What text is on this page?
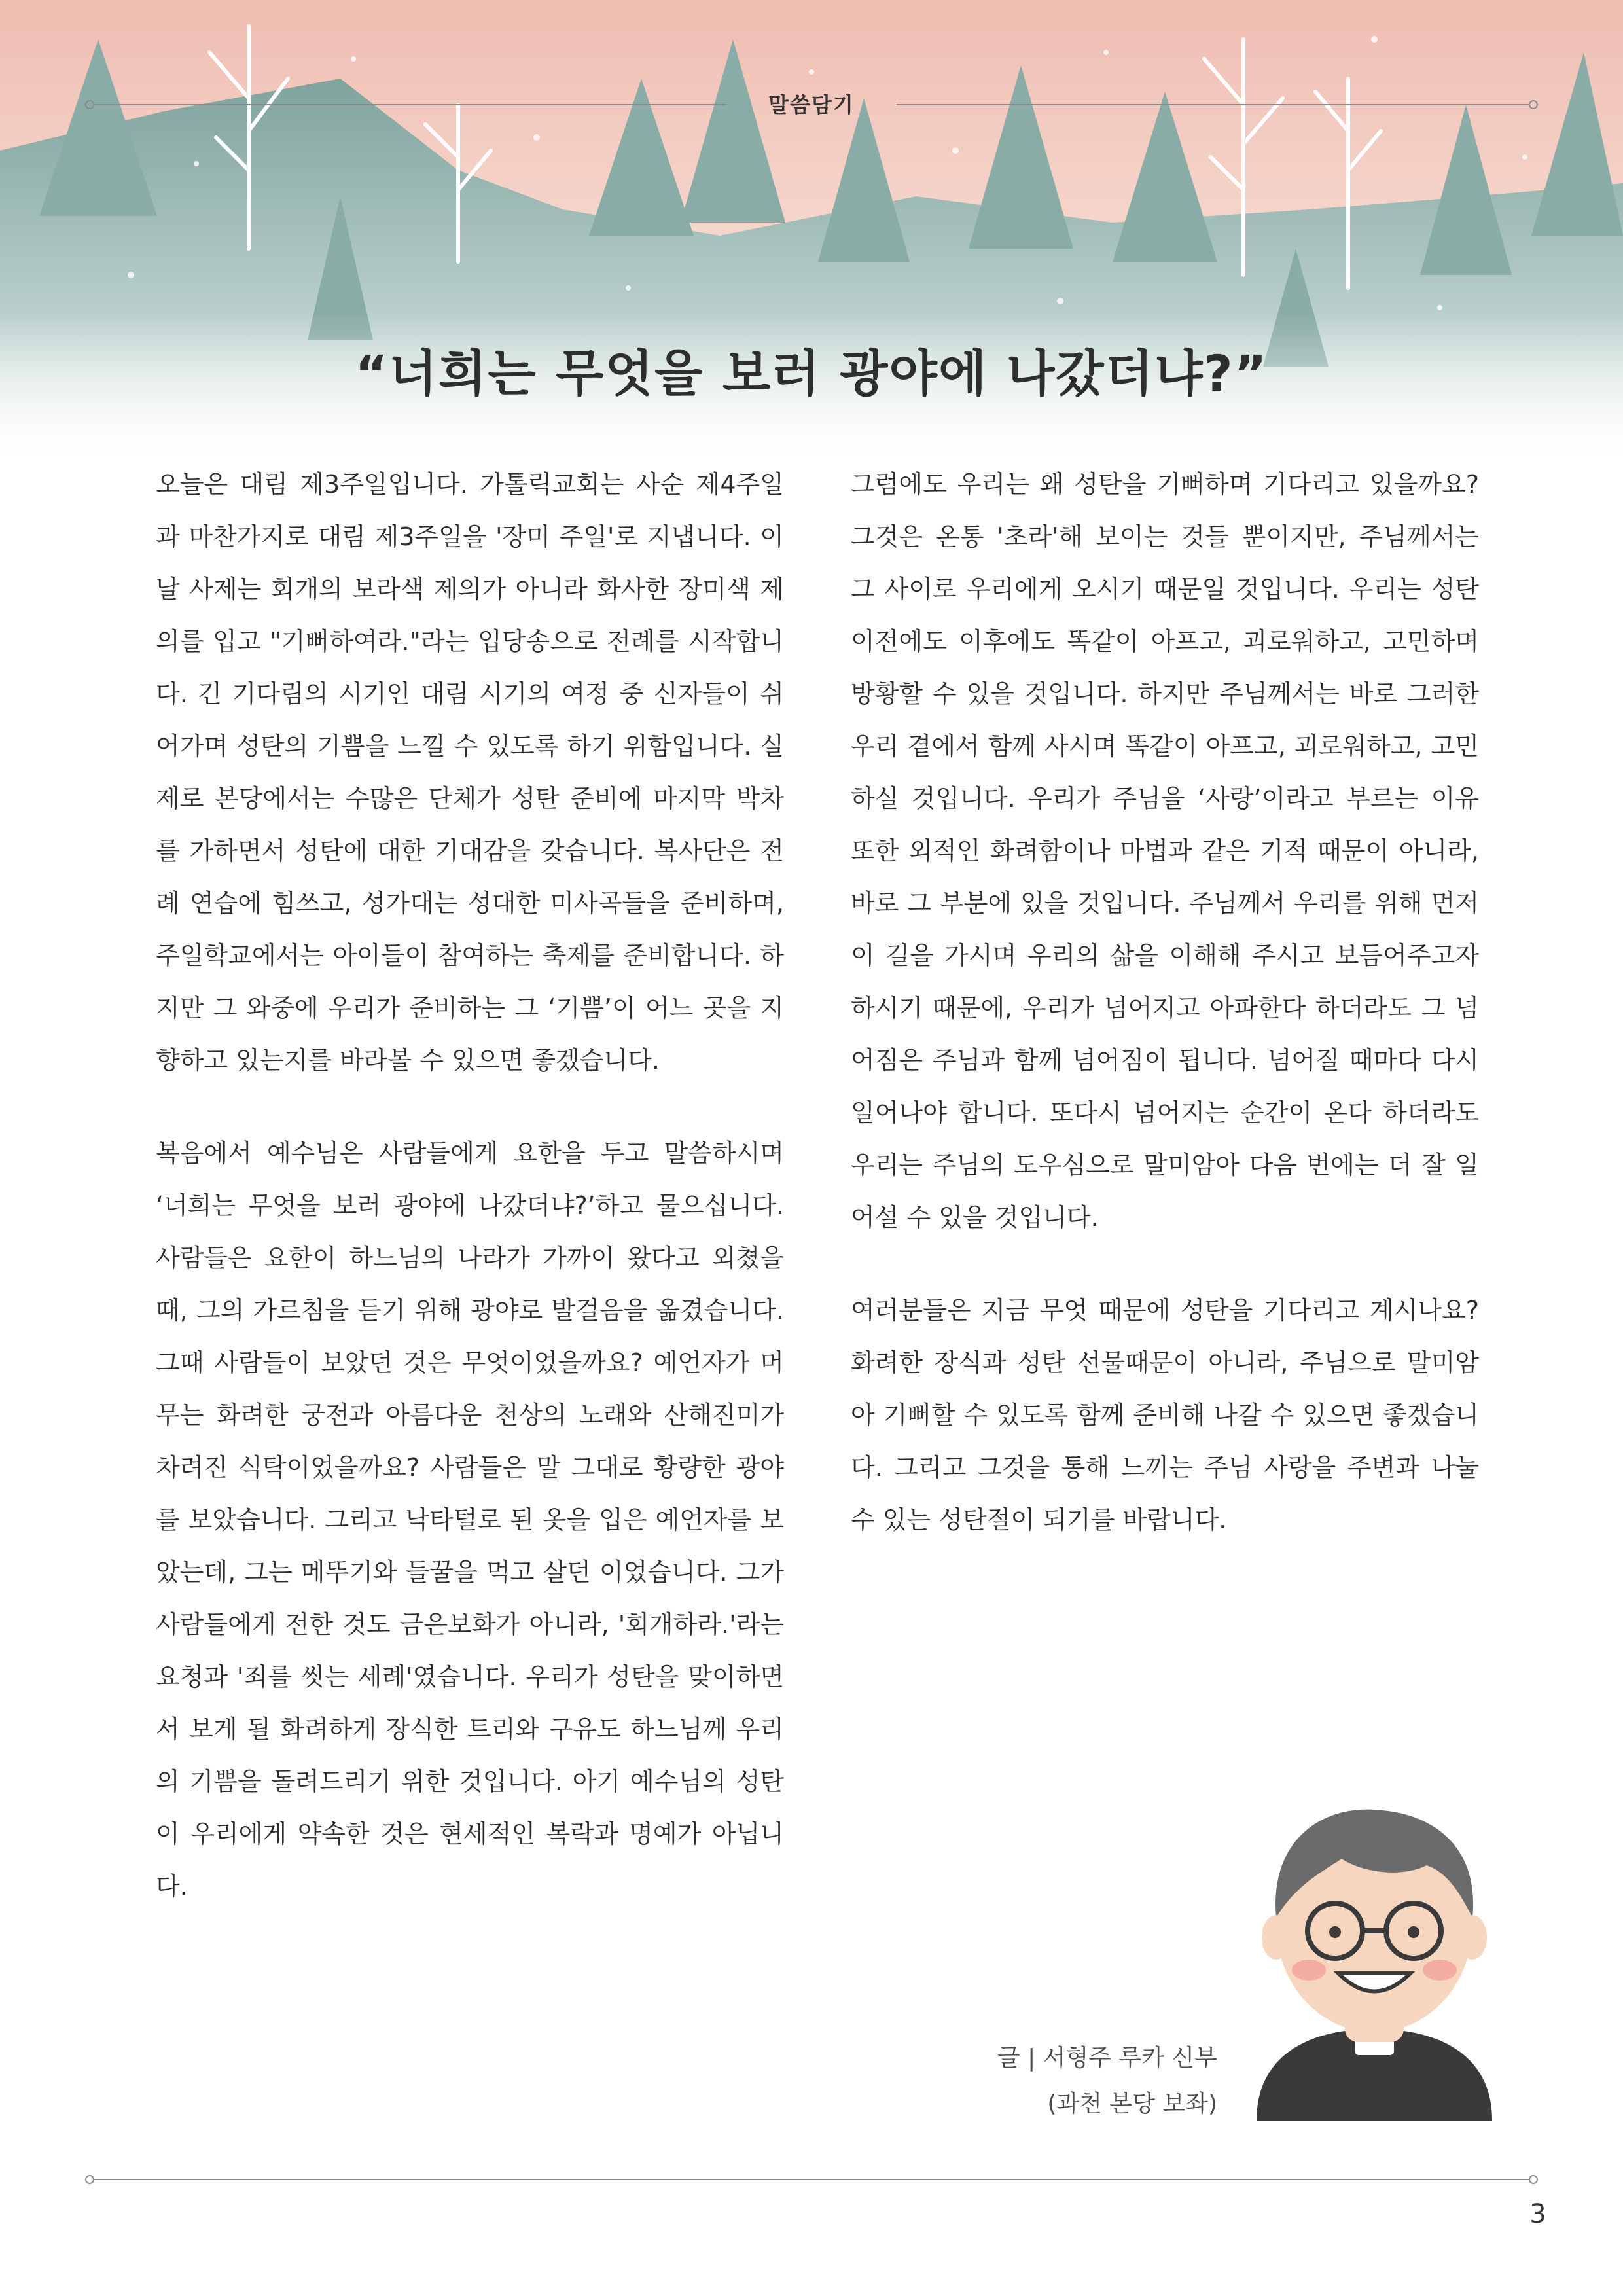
말씀담기
“너희는 무엇을 보러 광야에 나갔더냐?”

오늘은 대림 제3주일입니다. 가톨릭교회는 사순 제4주일과 마찬가지로 대림 제3주일을 '장미 주일'로 지냅니다. 이날 사제는 회개의 보라색 제의가 아니라 화사한 장미색 제의를 입고 "기뻐하여라."라는 입당송으로 전례를 시작합니다. 긴 기다림의 시기인 대림 시기의 여정 중 신자들이 쉬어가며 성탄의 기쁨을 느낄 수 있도록 하기 위함입니다. 실제로 본당에서는 수많은 단체가 성탄 준비에 마지막 박차를 가하면서 성탄에 대한 기대감을 갖습니다. 복사단은 전례 연습에 힘쓰고, 성가대는 성대한 미사곡들을 준비하며, 주일학교에서는 아이들이 참여하는 축제를 준비합니다. 하지만 그 와중에 우리가 준비하는 그 ‘기쁨’이 어느 곳을 지향하고 있는지를 바라볼 수 있으면 좋겠습니다.

복음에서 예수님은 사람들에게 요한을 두고 말씀하시며 ‘너희는 무엇을 보러 광야에 나갔더냐?’하고 물으십니다. 사람들은 요한이 하느님의 나라가 가까이 왔다고 외쳤을 때, 그의 가르침을 듣기 위해 광야로 발걸음을 옮겼습니다. 그때 사람들이 보았던 것은 무엇이었을까요? 예언자가 머무는 화려한 궁전과 아름다운 천상의 노래와 산해진미가 차려진 식탁이었을까요? 사람들은 말 그대로 황량한 광야를 보았습니다. 그리고 낙타털로 된 옷을 입은 예언자를 보았는데, 그는 메뚜기와 들꿀을 먹고 살던 이었습니다. 그가 사람들에게 전한 것도 금은보화가 아니라, '회개하라.'라는 요청과 '죄를 씻는 세례'였습니다. 우리가 성탄을 맞이하면서 보게 될 화려하게 장식한 트리와 구유도 하느님께 우리의 기쁨을 돌려드리기 위한 것입니다. 아기 예수님의 성탄이 우리에게 약속한 것은 현세적인 복락과 명예가 아닙니다.

그럼에도 우리는 왜 성탄을 기뻐하며 기다리고 있을까요? 그것은 온통 '초라'해 보이는 것들 뿐이지만, 주님께서는 그 사이로 우리에게 오시기 때문일 것입니다. 우리는 성탄 이전에도 이후에도 똑같이 아프고, 괴로워하고, 고민하며 방황할 수 있을 것입니다. 하지만 주님께서는 바로 그러한 우리 곁에서 함께 사시며 똑같이 아프고, 괴로워하고, 고민하실 것입니다. 우리가 주님을 ‘사랑’이라고 부르는 이유 또한 외적인 화려함이나 마법과 같은 기적 때문이 아니라, 바로 그 부분에 있을 것입니다. 주님께서 우리를 위해 먼저 이 길을 가시며 우리의 삶을 이해해 주시고 보듬어주고자 하시기 때문에, 우리가 넘어지고 아파한다 하더라도 그 넘어짐은 주님과 함께 넘어짐이 됩니다. 넘어질 때마다 다시 일어나야 합니다. 또다시 넘어지는 순간이 온다 하더라도 우리는 주님의 도우심으로 말미암아 다음 번에는 더 잘 일어설 수 있을 것입니다.

여러분들은 지금 무엇 때문에 성탄을 기다리고 계시나요? 화려한 장식과 성탄 선물때문이 아니라, 주님으로 말미암아 기뻐할 수 있도록 함께 준비해 나갈 수 있으면 좋겠습니다. 그리고 그것을 통해 느끼는 주님 사랑을 주변과 나눌 수 있는 성탄절이 되기를 바랍니다.

글 | 서형주 루카 신부
(과천 본당 보좌)
3
